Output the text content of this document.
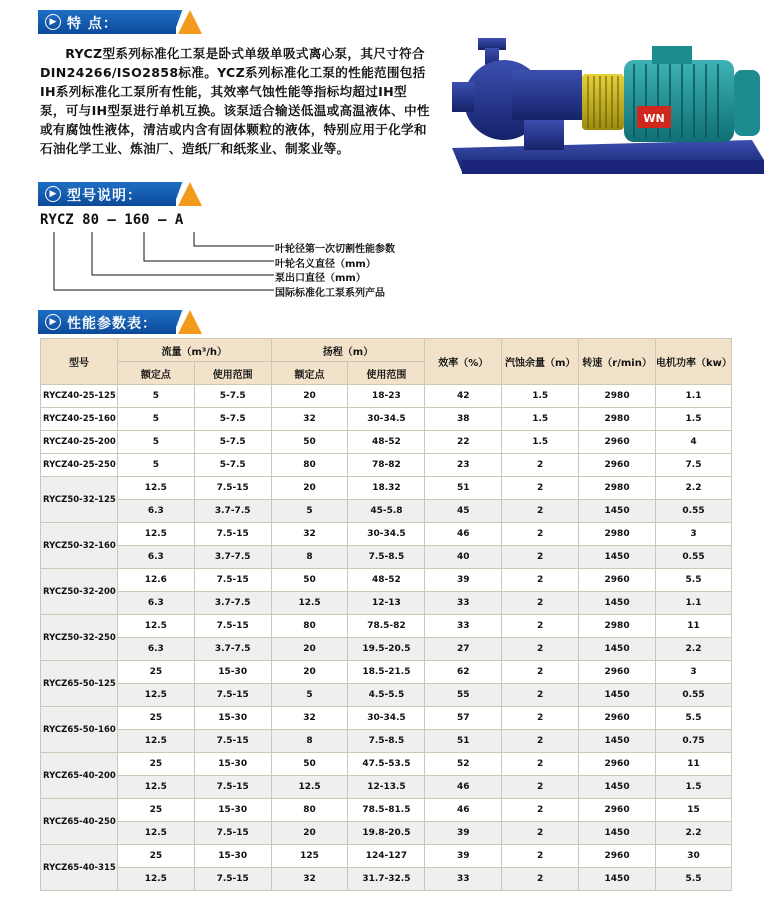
▶ 特 点：
RYCZ型系列标准化工泵是卧式单级单吸式离心泵，其尺寸符合DIN24266/ISO2858标准。YCZ系列标准化工泵的性能范围包括IH系列标准化工泵所有性能，其效率气蚀性能等指标均超过IH型泵，可与IH型泵进行单机互换。该泵适合输送低温或高温液体、中性或有腐蚀性液体，清洁或内含有固体颗粒的液体，特别应用于化学和石油化学工业、炼油厂、造纸厂和纸浆业、制浆业等。
WN
▶ 型号说明：
RYCZ 80 – 160 – A
叶轮径第一次切割性能参数
叶轮名义直径（mm）
泵出口直径（mm）
国际标准化工泵系列产品
▶ 性能参数表：
型号	流量（m³/h）		扬程（m）		效率（%）	汽蚀余量（m）	转速（r/min）	电机功率（kw）
	额定点	使用范围	额定点	使用范围				
RYCZ40-25-125	5	5-7.5	20	18-23	42	1.5	2980	1.1
RYCZ40-25-160	5	5-7.5	32	30-34.5	38	1.5	2980	1.5
RYCZ40-25-200	5	5-7.5	50	48-52	22	1.5	2960	4
RYCZ40-25-250	5	5-7.5	80	78-82	23	2	2960	7.5
RYCZ50-32-125	12.5	7.5-15	20	18.32	51	2	2980	2.2
	6.3	3.7-7.5	5	45-5.8	45	2	1450	0.55
RYCZ50-32-160	12.5	7.5-15	32	30-34.5	46	2	2980	3
	6.3	3.7-7.5	8	7.5-8.5	40	2	1450	0.55
RYCZ50-32-200	12.6	7.5-15	50	48-52	39	2	2960	5.5
	6.3	3.7-7.5	12.5	12-13	33	2	1450	1.1
RYCZ50-32-250	12.5	7.5-15	80	78.5-82	33	2	2980	11
	6.3	3.7-7.5	20	19.5-20.5	27	2	1450	2.2
RYCZ65-50-125	25	15-30	20	18.5-21.5	62	2	2960	3
	12.5	7.5-15	5	4.5-5.5	55	2	1450	0.55
RYCZ65-50-160	25	15-30	32	30-34.5	57	2	2960	5.5
	12.5	7.5-15	8	7.5-8.5	51	2	1450	0.75
RYCZ65-40-200	25	15-30	50	47.5-53.5	52	2	2960	11
	12.5	7.5-15	12.5	12-13.5	46	2	1450	1.5
RYCZ65-40-250	25	15-30	80	78.5-81.5	46	2	2960	15
	12.5	7.5-15	20	19.8-20.5	39	2	1450	2.2
RYCZ65-40-315	25	15-30	125	124-127	39	2	2960	30
	12.5	7.5-15	32	31.7-32.5	33	2	1450	5.5
